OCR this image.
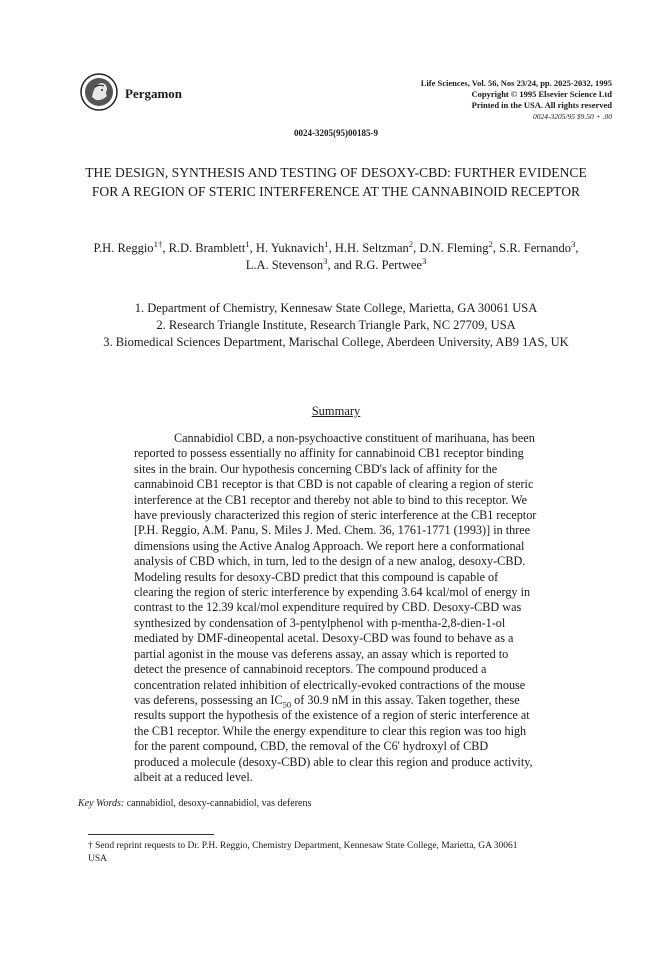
Pergamon
Life Sciences, Vol. 56, Nos 23/24, pp. 2025-2032, 1995
Copyright © 1995 Elsevier Science Ltd
Printed in the USA. All rights reserved
0024-3205/95 $9.50 + .00
0024-3205(95)00185-9
THE DESIGN, SYNTHESIS AND TESTING OF DESOXY-CBD: FURTHER EVIDENCE
FOR A REGION OF STERIC INTERFERENCE AT THE CANNABINOID RECEPTOR
P.H. Reggio$^{1\dagger}$, R.D. Bramblett$^1$, H. Yuknavich$^1$, H.H. Seltzman$^2$, D.N. Fleming$^2$, S.R. Fernando$^3$,
L.A. Stevenson$^3$, and R.G. Pertwee$^3$
1. Department of Chemistry, Kennesaw State College, Marietta, GA 30061 USA
2. Research Triangle Institute, Research Triangle Park, NC 27709, USA
3. Biomedical Sciences Department, Marischal College, Aberdeen University, AB9 1AS, UK
Summary
Cannabidiol CBD, a non-psychoactive constituent of marihuana, has been
reported to possess essentially no affinity for cannabinoid CB1 receptor binding
sites in the brain. Our hypothesis concerning CBD's lack of affinity for the
cannabinoid CB1 receptor is that CBD is not capable of clearing a region of steric
interference at the CB1 receptor and thereby not able to bind to this receptor. We
have previously characterized this region of steric interference at the CB1 receptor
[P.H. Reggio, A.M. Panu, S. Miles J. Med. Chem. 36, 1761-1771 (1993)] in three
dimensions using the Active Analog Approach. We report here a conformational
analysis of CBD which, in turn, led to the design of a new analog, desoxy-CBD.
Modeling results for desoxy-CBD predict that this compound is capable of
clearing the region of steric interference by expending 3.64 kcal/mol of energy in
contrast to the 12.39 kcal/mol expenditure required by CBD. Desoxy-CBD was
synthesized by condensation of 3-pentylphenol with p-mentha-2,8-dien-1-ol
mediated by DMF-dineopental acetal. Desoxy-CBD was found to behave as a
partial agonist in the mouse vas deferens assay, an assay which is reported to
detect the presence of cannabinoid receptors. The compound produced a
concentration related inhibition of electrically-evoked contractions of the mouse
vas deferens, possessing an $IC_{50}$ of 30.9 nM in this assay. Taken together, these
results support the hypothesis of the existence of a region of steric interference at
the CB1 receptor. While the energy expenditure to clear this region was too high
for the parent compound, CBD, the removal of the C6' hydroxyl of CBD
produced a molecule (desoxy-CBD) able to clear this region and produce activity,
albeit at a reduced level.
Key Words: cannabidiol, desoxy-cannabidiol, vas deferens
† Send reprint requests to Dr. P.H. Reggio, Chemistry Department, Kennesaw State College, Marietta, GA 30061
USA
